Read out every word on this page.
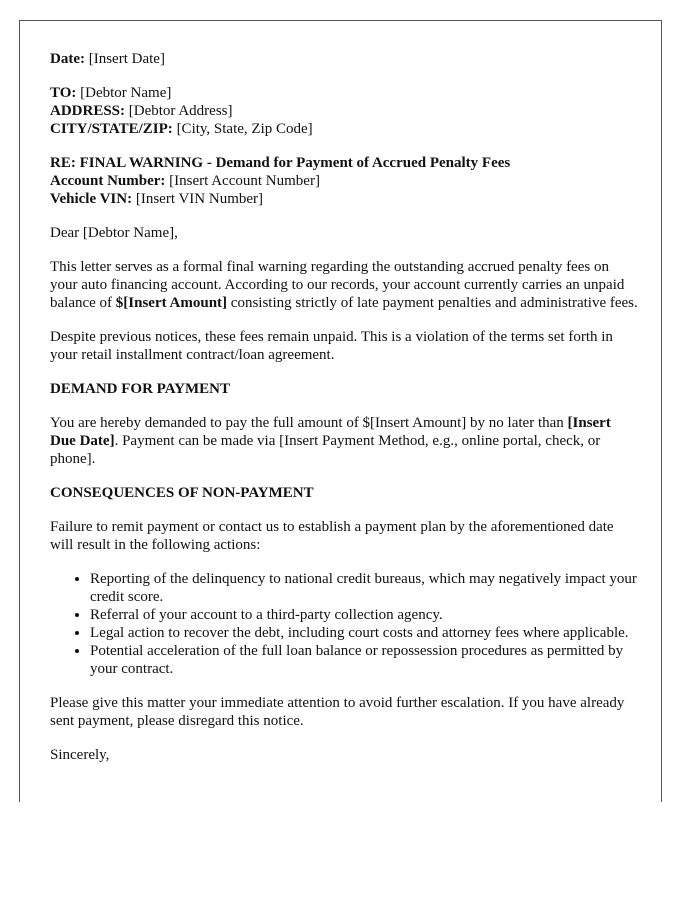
Date: [Insert Date]

TO: [Debtor Name]

ADDRESS: [Debtor Address]

CITY/STATE/ZIP: [City, State, Zip Code]

RE: FINAL WARNING - Demand for Payment of Accrued Penalty Fees

Account Number: [Insert Account Number]

Vehicle VIN: [Insert VIN Number]

Dear [Debtor Name],

This letter serves as a formal final warning regarding the outstanding accrued penalty fees on your auto financing account. According to our records, your account currently carries an unpaid balance of $[Insert Amount] consisting strictly of late payment penalties and administrative fees.

Despite previous notices, these fees remain unpaid. This is a violation of the terms set forth in your retail installment contract/loan agreement.

DEMAND FOR PAYMENT

You are hereby demanded to pay the full amount of $[Insert Amount] by no later than [Insert Due Date]. Payment can be made via [Insert Payment Method, e.g., online portal, check, or phone].

CONSEQUENCES OF NON-PAYMENT

Failure to remit payment or contact us to establish a payment plan by the aforementioned date will result in the following actions:

• Reporting of the delinquency to national credit bureaus, which may negatively impact your credit score.
• Referral of your account to a third-party collection agency.
• Legal action to recover the debt, including court costs and attorney fees where applicable.
• Potential acceleration of the full loan balance or repossession procedures as permitted by your contract.

Please give this matter your immediate attention to avoid further escalation. If you have already sent payment, please disregard this notice.

Sincerely,
